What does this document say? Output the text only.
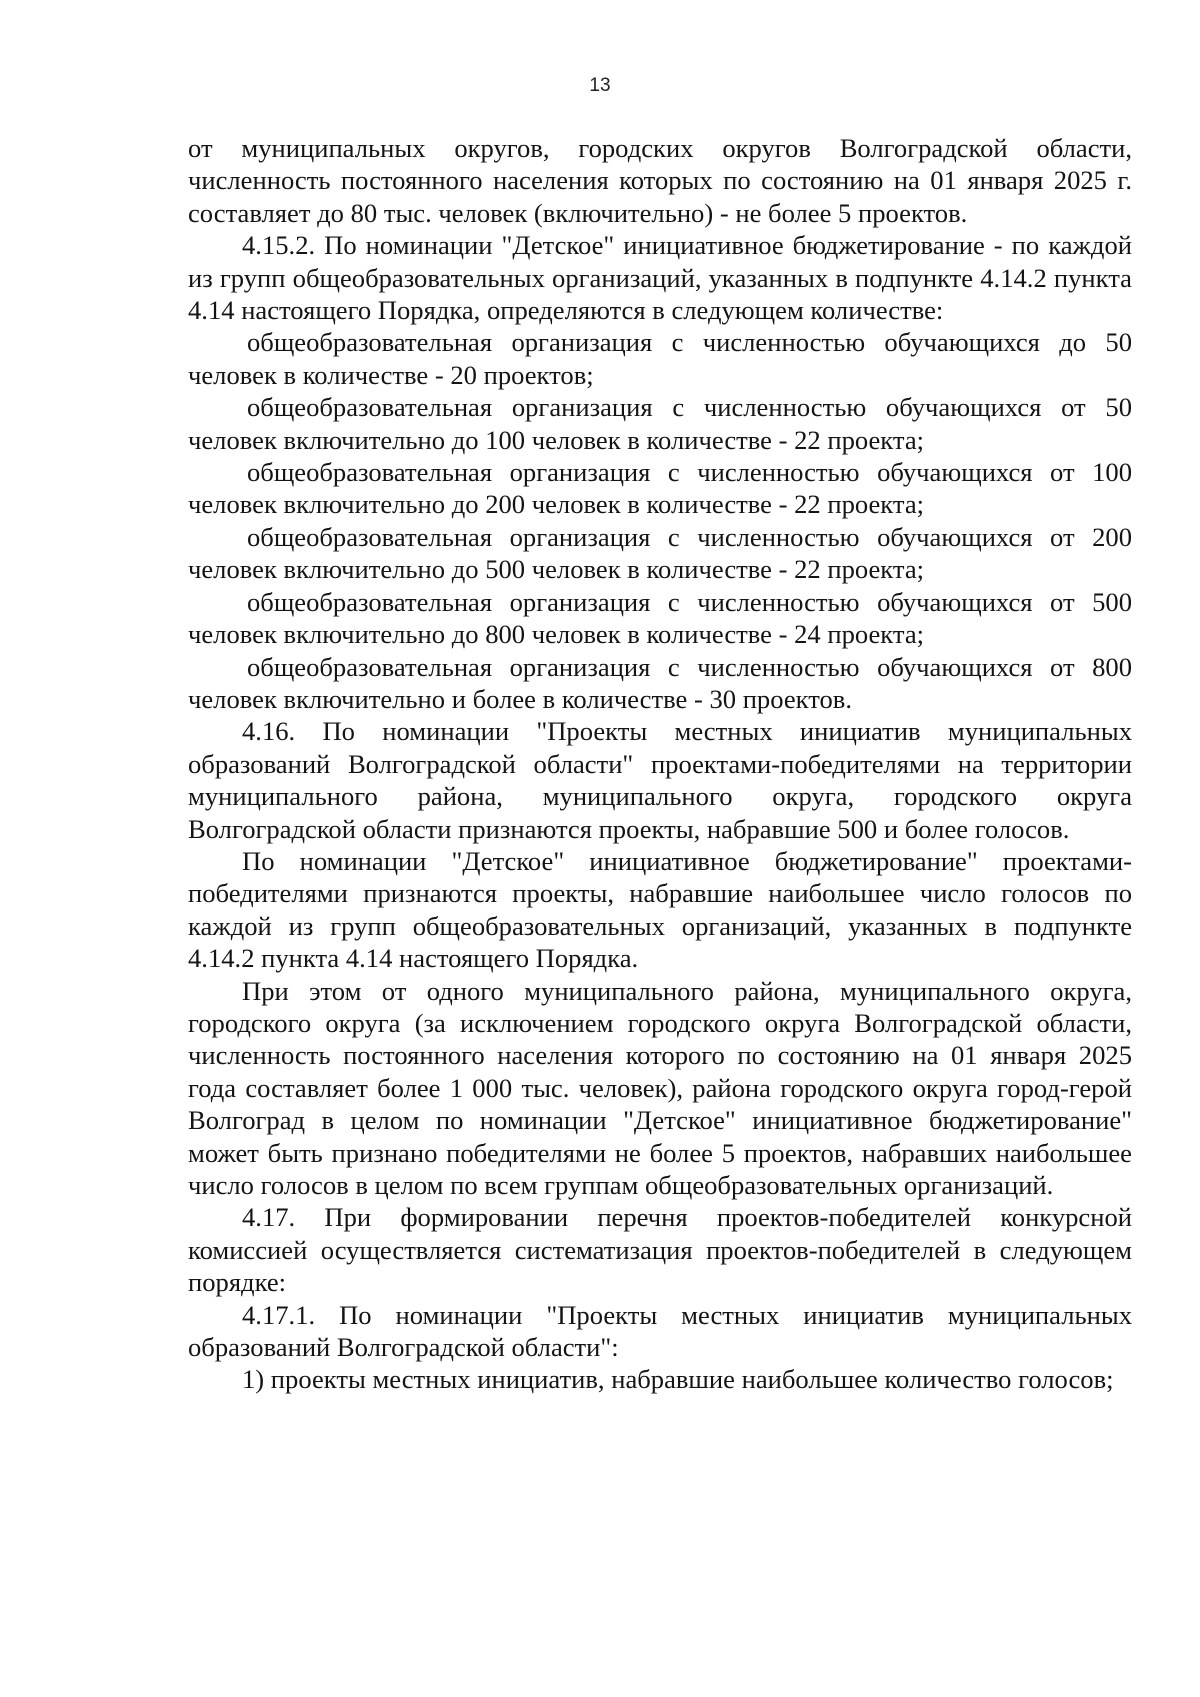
13

от муниципальных округов, городских округов Волгоградской области, численность постоянного населения которых по состоянию на 01 января 2025 г. составляет до 80 тыс. человек (включительно) - не более 5 проектов.

4.15.2. По номинации "Детское" инициативное бюджетирование - по каждой из групп общеобразовательных организаций, указанных в подпункте 4.14.2 пункта 4.14 настоящего Порядка, определяются в следующем количестве:

общеобразовательная организация с численностью обучающихся до 50 человек в количестве - 20 проектов;

общеобразовательная организация с численностью обучающихся от 50 человек включительно до 100 человек в количестве - 22 проекта;

общеобразовательная организация с численностью обучающихся от 100 человек включительно до 200 человек в количестве - 22 проекта;

общеобразовательная организация с численностью обучающихся от 200 человек включительно до 500 человек в количестве - 22 проекта;

общеобразовательная организация с численностью обучающихся от 500 человек включительно до 800 человек в количестве - 24 проекта;

общеобразовательная организация с численностью обучающихся от 800 человек включительно и более в количестве - 30 проектов.

4.16. По номинации "Проекты местных инициатив муниципальных образований Волгоградской области" проектами-победителями на территории муниципального района, муниципального округа, городского округа Волгоградской области признаются проекты, набравшие 500 и более голосов.

По номинации "Детское" инициативное бюджетирование" проектами-победителями признаются проекты, набравшие наибольшее число голосов по каждой из групп общеобразовательных организаций, указанных в подпункте 4.14.2 пункта 4.14 настоящего Порядка.

При этом от одного муниципального района, муниципального округа, городского округа (за исключением городского округа Волгоградской области, численность постоянного населения которого по состоянию на 01 января 2025 года составляет более 1 000 тыс. человек), района городского округа город-герой Волгоград в целом по номинации "Детское" инициативное бюджетирование" может быть признано победителями не более 5 проектов, набравших наибольшее число голосов в целом по всем группам общеобразовательных организаций.

4.17. При формировании перечня проектов-победителей конкурсной комиссией осуществляется систематизация проектов-победителей в следующем порядке:

4.17.1. По номинации "Проекты местных инициатив муниципальных образований Волгоградской области":

1) проекты местных инициатив, набравшие наибольшее количество голосов;
